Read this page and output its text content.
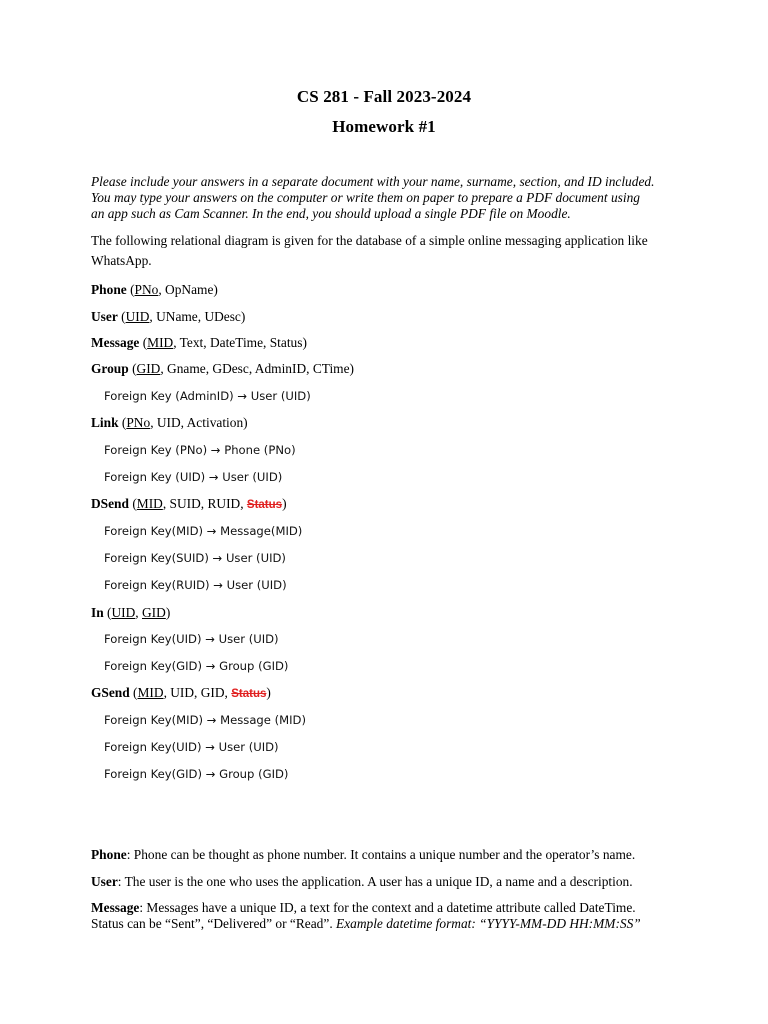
CS 281 - Fall 2023-2024
Homework #1
Please include your answers in a separate document with your name, surname, section, and ID included.
You may type your answers on the computer or write them on paper to prepare a PDF document using
an app such as Cam Scanner. In the end, you should upload a single PDF file on Moodle.
The following relational diagram is given for the database of a simple online messaging application like
WhatsApp.
Phone (PNo, OpName)
User (UID, UName, UDesc)
Message (MID, Text, DateTime, Status)
Group (GID, Gname, GDesc, AdminID, CTime)
Foreign Key (AdminID) → User (UID)
Link (PNo, UID, Activation)
Foreign Key (PNo) → Phone (PNo)
Foreign Key (UID) → User (UID)
DSend (MID, SUID, RUID, Status)
Foreign Key(MID) → Message(MID)
Foreign Key(SUID) → User (UID)
Foreign Key(RUID) → User (UID)
In (UID, GID)
Foreign Key(UID) → User (UID)
Foreign Key(GID) → Group (GID)
GSend (MID, UID, GID, Status)
Foreign Key(MID) → Message (MID)
Foreign Key(UID) → User (UID)
Foreign Key(GID) → Group (GID)
Phone: Phone can be thought as phone number. It contains a unique number and the operator’s name.
User: The user is the one who uses the application. A user has a unique ID, a name and a description.
Message: Messages have a unique ID, a text for the context and a datetime attribute called DateTime.
Status can be “Sent”, “Delivered” or “Read”. Example datetime format: “YYYY-MM-DD HH:MM:SS”
